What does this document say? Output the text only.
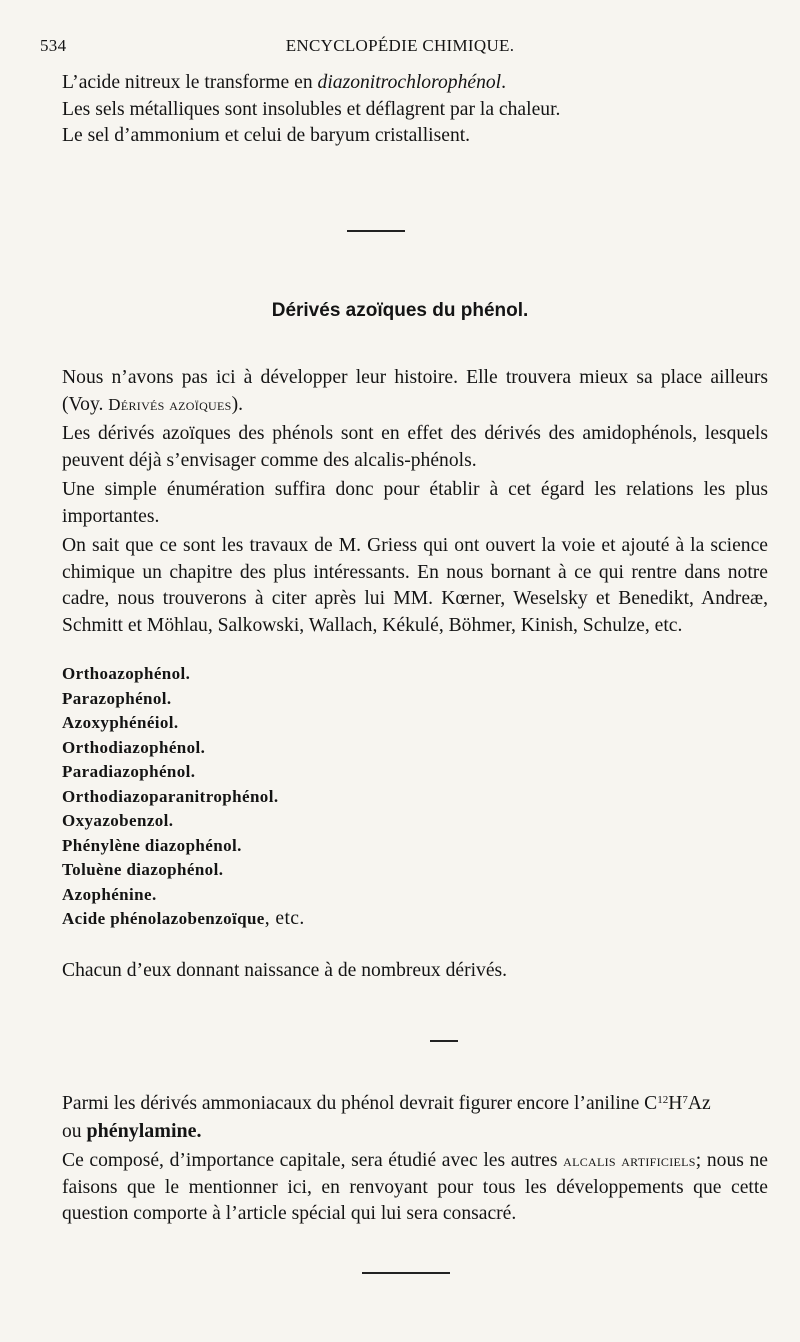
534	ENCYCLOPÉDIE CHIMIQUE.
L’acide nitreux le transforme en diazonitrochlorophénol.
Les sels métalliques sont insolubles et déflagrent par la chaleur.
Le sel d’ammonium et celui de baryum cristallisent.
Dérivés azoïques du phénol.
Nous n’avons pas ici à développer leur histoire. Elle trouvera mieux sa place ailleurs (Voy. Dérivés azoïques).
Les dérivés azoïques des phénols sont en effet des dérivés des amidophénols, lesquels peuvent déjà s’envisager comme des alcalis-phénols.
Une simple énumération suffira donc pour établir à cet égard les relations les plus importantes.
On sait que ce sont les travaux de M. Griess qui ont ouvert la voie et ajouté à la science chimique un chapitre des plus intéressants. En nous bornant à ce qui rentre dans notre cadre, nous trouverons à citer après lui MM. Kœrner, Weselsky et Benedikt, Andreæ, Schmitt et Möhlau, Salkowski, Wallach, Kékulé, Böhmer, Kinish, Schulze, etc.
Orthoazophénol.
Parazophénol.
Azoxyphénéiol.
Orthodiazophénol.
Paradiazophénol.
Orthodiazoparanitrophénol.
Oxyazobenzol.
Phénylène diazophénol.
Toluène diazophénol.
Azophénine.
Acide phénolazobenzoïque, etc.
Chacun d’eux donnant naissance à de nombreux dérivés.
Parmi les dérivés ammoniacaux du phénol devrait figurer encore l’aniline $C^{12}H^7Az$
ou phénylamine.
Ce composé, d’importance capitale, sera étudié avec les autres alcalis artificiels; nous ne faisons que le mentionner ici, en renvoyant pour tous les développements que cette question comporte à l’article spécial qui lui sera consacré.
